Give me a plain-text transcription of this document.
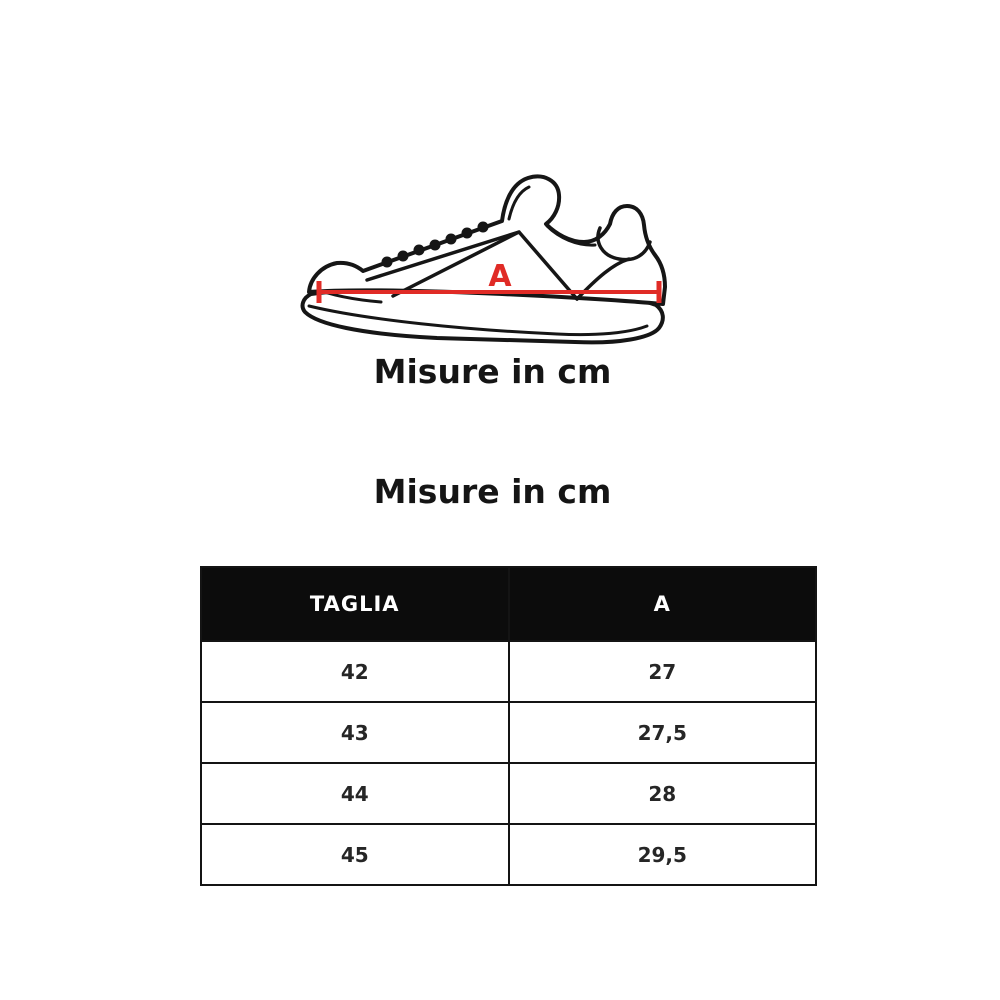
A
Misure in cm
Misure in cm
TAGLIA	A
42	27
43	27,5
44	28
45	29,5
